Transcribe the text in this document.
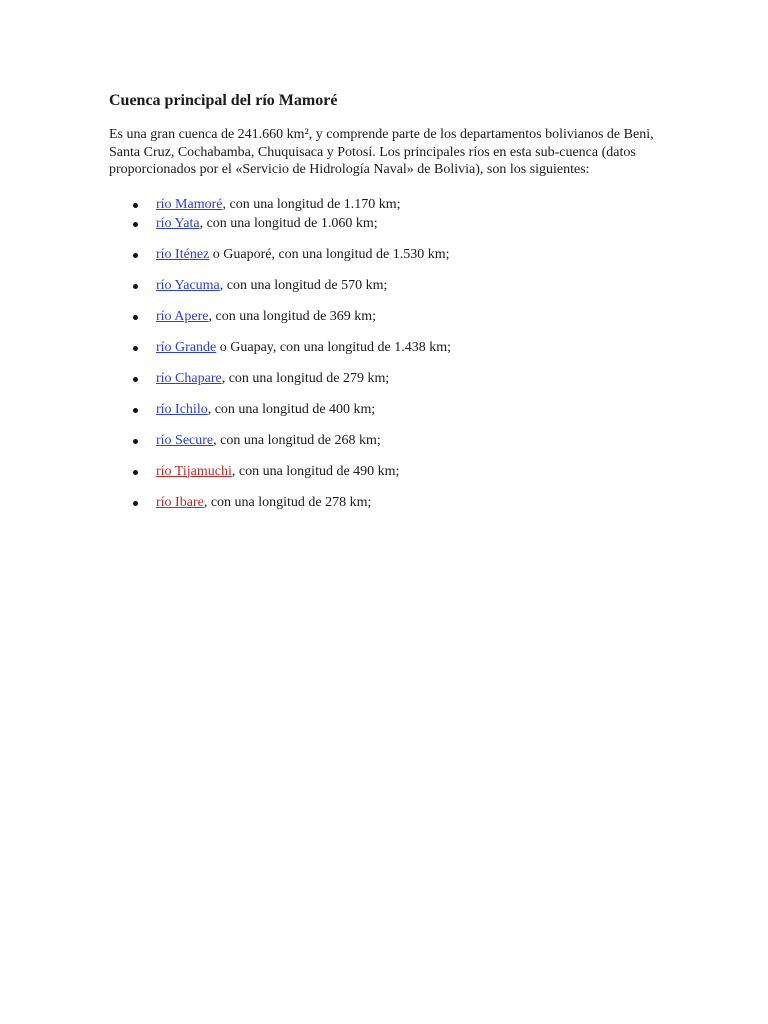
Cuenca principal del río Mamoré

Es una gran cuenca de 241.660 km², y comprende parte de los departamentos bolivianos de Beni, Santa Cruz, Cochabamba, Chuquisaca y Potosí. Los principales ríos en esta sub-cuenca (datos proporcionados por el «Servicio de Hidrología Naval» de Bolivia), son los siguientes:

río Mamoré, con una longitud de 1.170 km;
río Yata, con una longitud de 1.060 km;
río Iténez o Guaporé, con una longitud de 1.530 km;
río Yacuma, con una longitud de 570 km;
río Apere, con una longitud de 369 km;
río Grande o Guapay, con una longitud de 1.438 km;
río Chapare, con una longitud de 279 km;
río Ichilo, con una longitud de 400 km;
río Secure, con una longitud de 268 km;
río Tijamuchi, con una longitud de 490 km;
río Ibare, con una longitud de 278 km;
